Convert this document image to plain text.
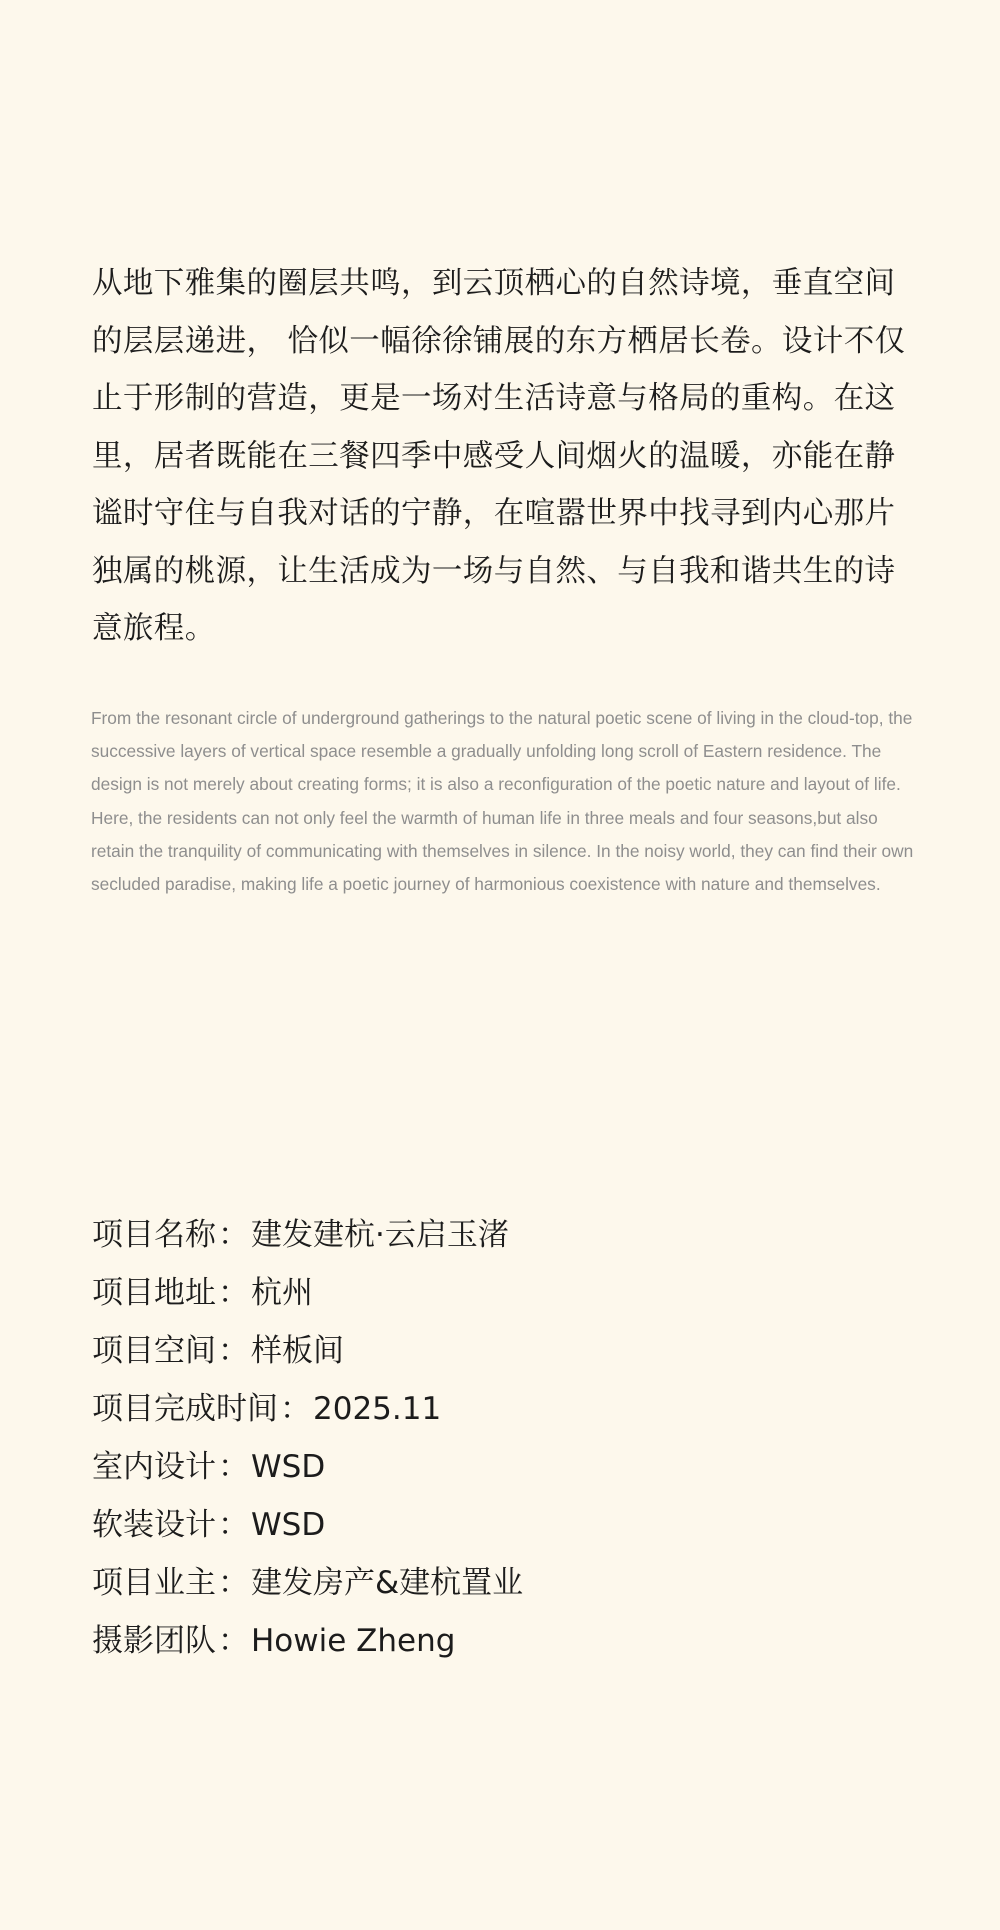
从地下雅集的圈层共鸣，到云顶栖心的自然诗境，垂直空间的层层递进， 恰似一幅徐徐铺展的东方栖居长卷。设计不仅止于形制的营造，更是一场对生活诗意与格局的重构。在这里，居者既能在三餐四季中感受人间烟火的温暖，亦能在静谧时守住与自我对话的宁静，在喧嚣世界中找寻到内心那片独属的桃源，让生活成为一场与自然、与自我和谐共生的诗意旅程。

From the resonant circle of underground gatherings to the natural poetic scene of living in the cloud-top, the successive layers of vertical space resemble a gradually unfolding long scroll of Eastern residence. The design is not merely about creating forms; it is also a reconfiguration of the poetic nature and layout of life. Here, the residents can not only feel the warmth of human life in three meals and four seasons,but also retain the tranquility of communicating with themselves in silence. In the noisy world, they can find their own secluded paradise, making life a poetic journey of harmonious coexistence with nature and themselves.

项目名称：建发建杭·云启玉渚
项目地址：杭州
项目空间：样板间
项目完成时间：2025.11
室内设计：WSD
软装设计：WSD
项目业主：建发房产&建杭置业
摄影团队：Howie Zheng
